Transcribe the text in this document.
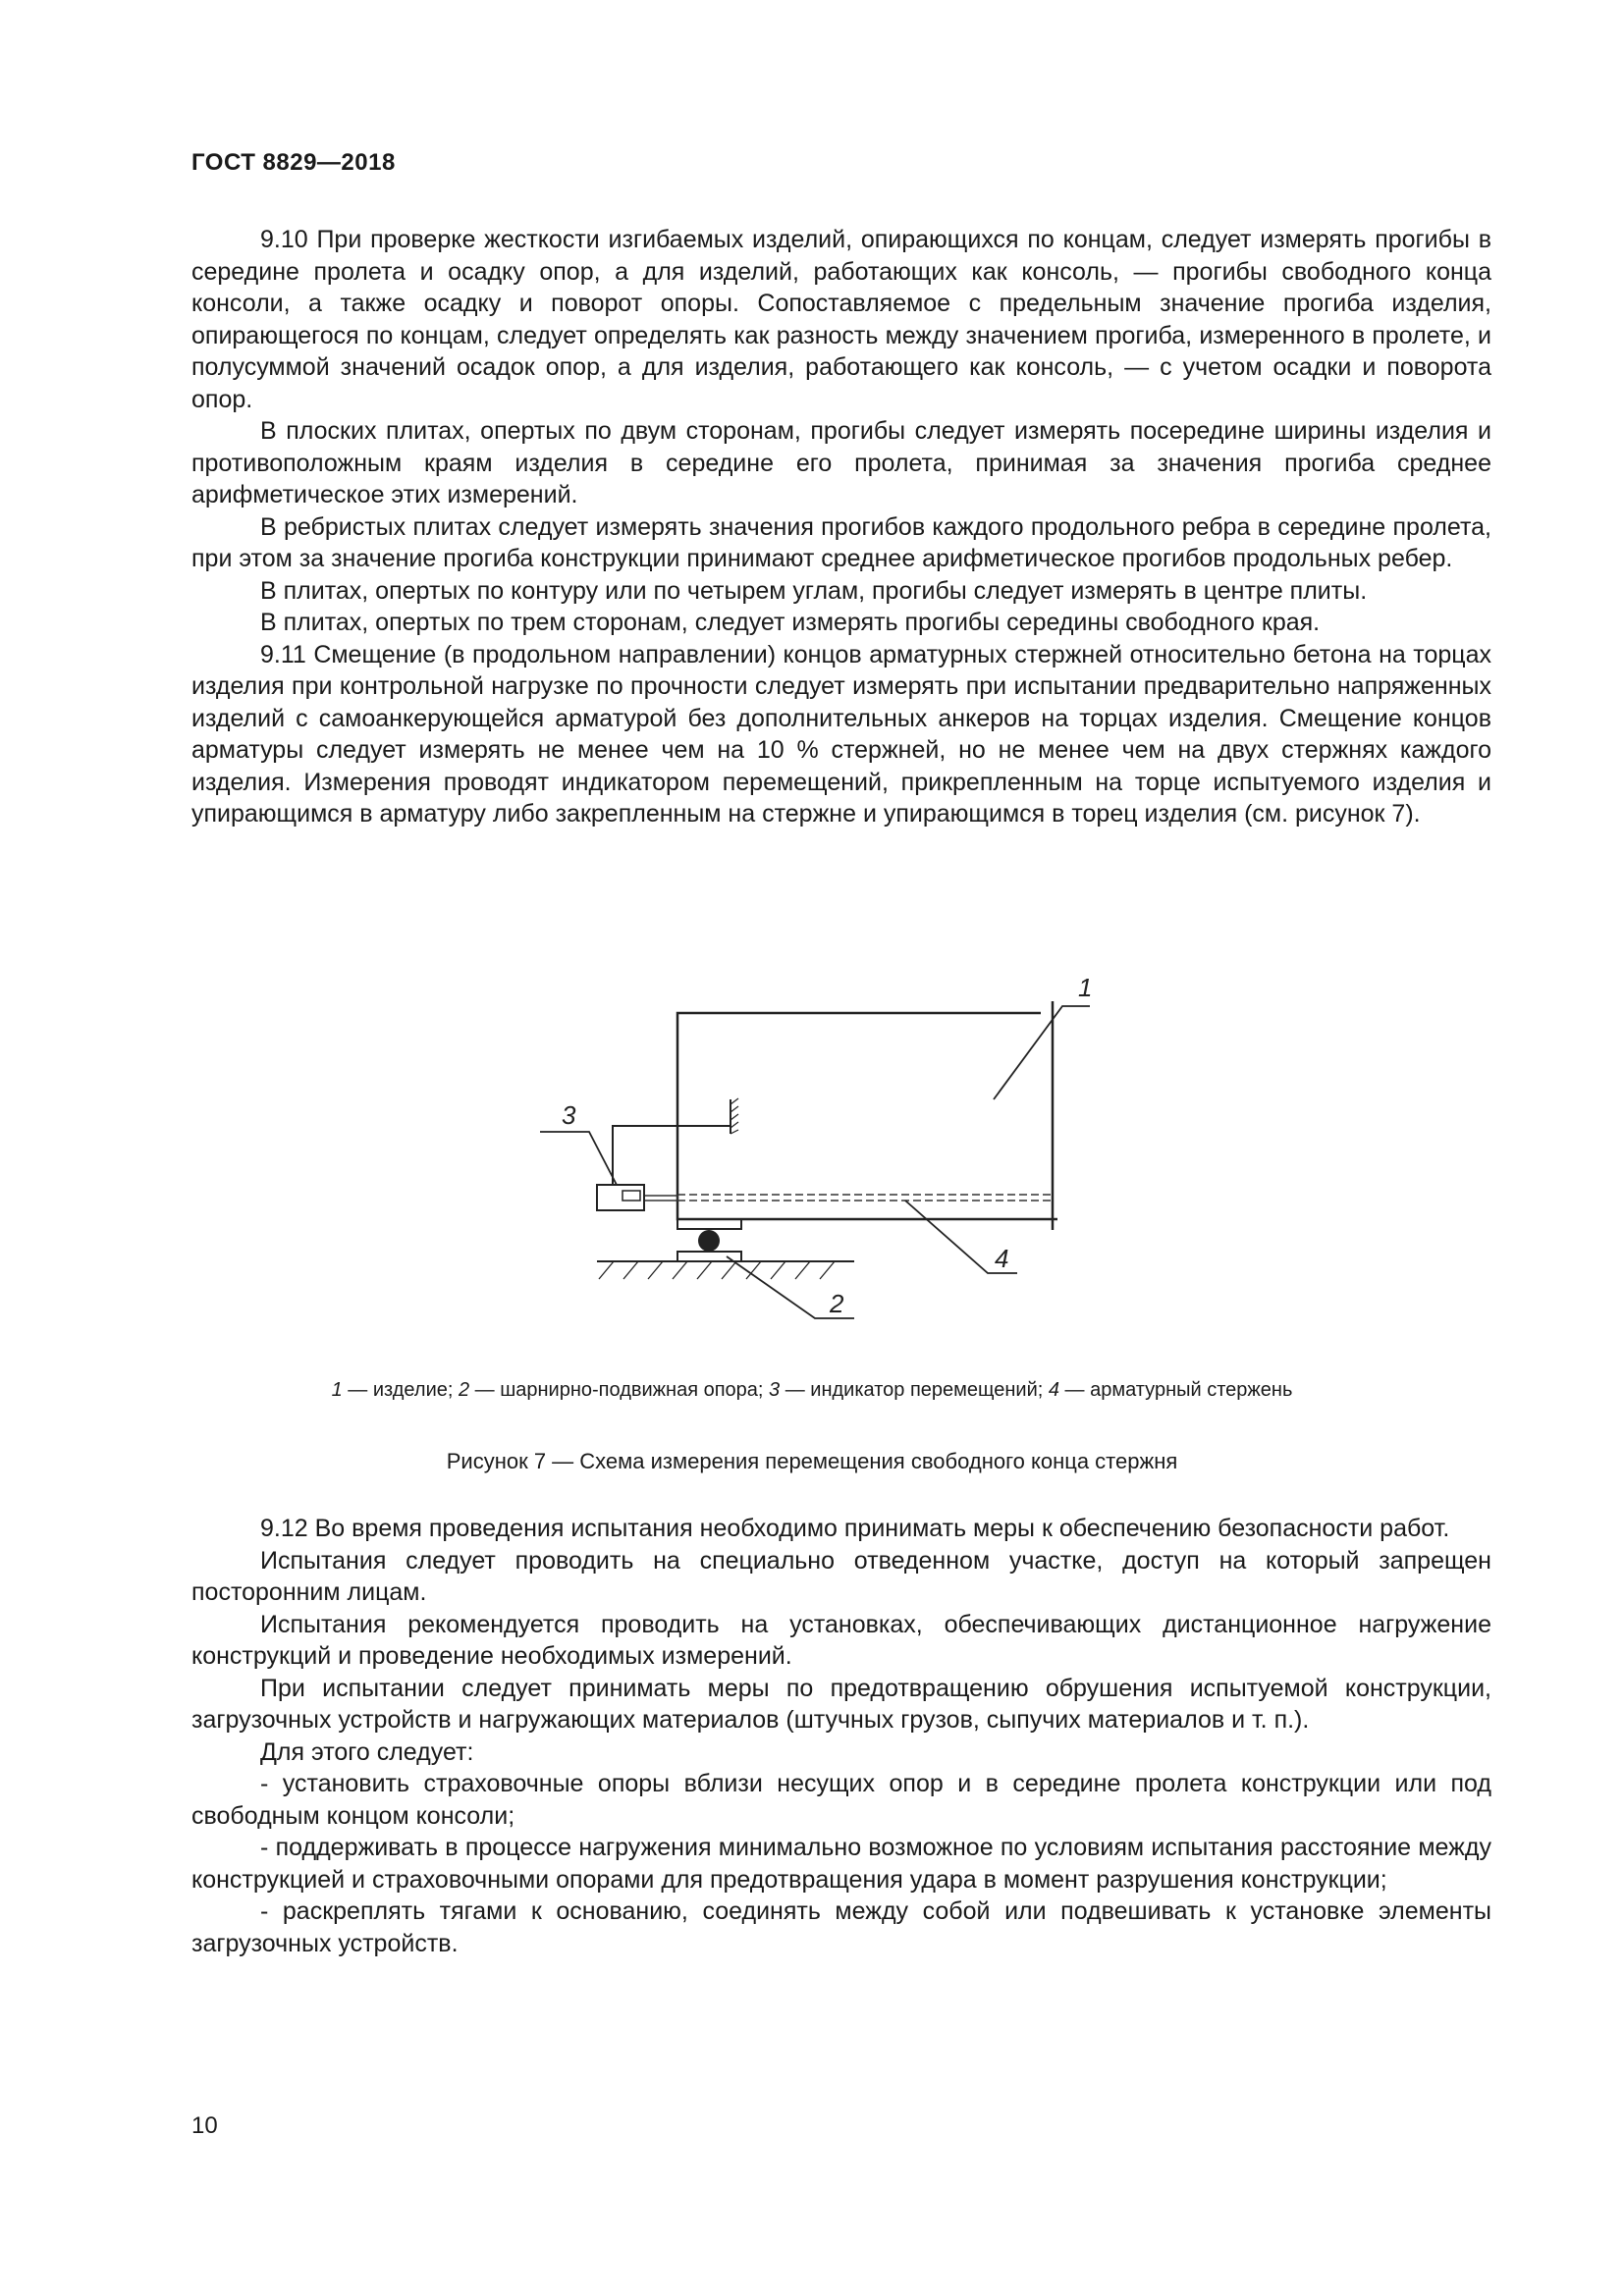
ГОСТ 8829—2018
9.10 При проверке жесткости изгибаемых изделий, опирающихся по концам, следует измерять прогибы в середине пролета и осадку опор, а для изделий, работающих как консоль, — прогибы свободного конца консоли, а также осадку и поворот опоры. Сопоставляемое с предельным значение прогиба изделия, опирающегося по концам, следует определять как разность между значением прогиба, измеренного в пролете, и полусуммой значений осадок опор, а для изделия, работающего как консоль, — с учетом осадки и поворота опор.
В плоских плитах, опертых по двум сторонам, прогибы следует измерять посередине ширины изделия и противоположным краям изделия в середине его пролета, принимая за значения прогиба среднее арифметическое этих измерений.
В ребристых плитах следует измерять значения прогибов каждого продольного ребра в середине пролета, при этом за значение прогиба конструкции принимают среднее арифметическое прогибов продольных ребер.
В плитах, опертых по контуру или по четырем углам, прогибы следует измерять в центре плиты.
В плитах, опертых по трем сторонам, следует измерять прогибы середины свободного края.
9.11 Смещение (в продольном направлении) концов арматурных стержней относительно бетона на торцах изделия при контрольной нагрузке по прочности следует измерять при испытании предварительно напряженных изделий с самоанкерующейся арматурой без дополнительных анкеров на торцах изделия. Смещение концов арматуры следует измерять не менее чем на 10 % стержней, но не менее чем на двух стержнях каждого изделия. Измерения проводят индикатором перемещений, прикрепленным на торце испытуемого изделия и упирающимся в арматуру либо закрепленным на стержне и упирающимся в торец изделия (см. рисунок 7).
1
2
3
4
1 — изделие; 2 — шарнирно-подвижная опора; 3 — индикатор перемещений; 4 — арматурный стержень
Рисунок 7 — Схема измерения перемещения свободного конца стержня
9.12 Во время проведения испытания необходимо принимать меры к обеспечению безопасности работ.
Испытания следует проводить на специально отведенном участке, доступ на который запрещен посторонним лицам.
Испытания рекомендуется проводить на установках, обеспечивающих дистанционное нагружение конструкций и проведение необходимых измерений.
При испытании следует принимать меры по предотвращению обрушения испытуемой конструкции, загрузочных устройств и нагружающих материалов (штучных грузов, сыпучих материалов и т. п.).
Для этого следует:
- установить страховочные опоры вблизи несущих опор и в середине пролета конструкции или под свободным концом консоли;
- поддерживать в процессе нагружения минимально возможное по условиям испытания расстояние между конструкцией и страховочными опорами для предотвращения удара в момент разрушения конструкции;
- раскреплять тягами к основанию, соединять между собой или подвешивать к установке элементы загрузочных устройств.
10
